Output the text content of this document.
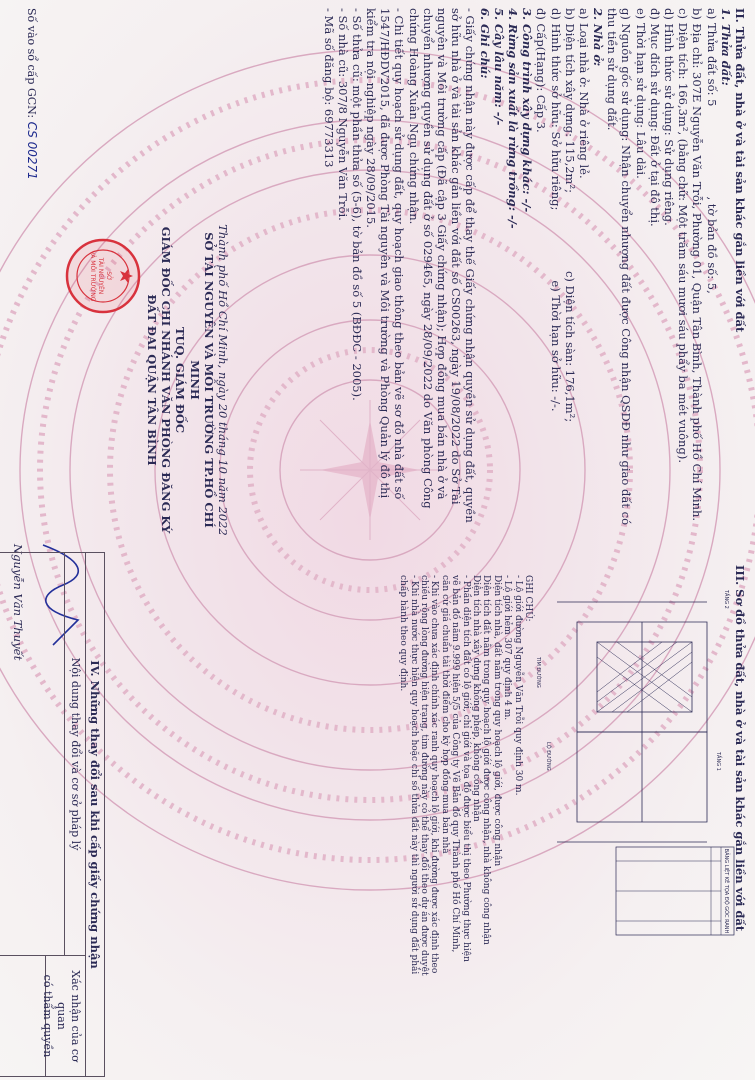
II. Thửa đất, nhà ở và tài sản khác gắn liền với đất
1. Thửa đất:
a) Thửa đất số: 5, tờ bản đồ số: 5,
b) Địa chỉ: 307E Nguyễn Văn Trỗi, Phường 01, Quận Tân Bình, Thành phố Hồ Chí Minh.
c) Diện tích: 166,3m², (bằng chữ: Một trăm sáu mươi sáu phẩy ba mét vuông).
d) Hình thức sử dụng: Sử dụng riêng.
đ) Mục đích sử dụng: Đất ở tại đô thị.
e) Thời hạn sử dụng: Lâu dài.
g) Nguồn gốc sử dụng: Nhận chuyển nhượng đất được Công nhận QSDĐ như giao đất có
thu tiền sử dụng đất.
2. Nhà ở:
a) Loại nhà ở: Nhà ở riêng lẻ.
b) Diện tích xây dựng: 115,2m²;c) Diện tích sàn: 176,1m²;
d) Hình thức sở hữu: Sở hữu riêng;e) Thời hạn sở hữu: -/-.
đ) Cấp(Hạng): Cấp 3.
3. Công trình xây dựng khác: -/-
4. Rừng sản xuất là rừng trồng: -/-
5. Cây lâu năm: -/-
6. Ghi chú:
- Giấy chứng nhận này được cấp để thay thế Giấy chứng nhận quyền sử dụng đất, quyền
sở hữu nhà ở và tài sản khác gắn liền với đất số CS00263, ngày 19/08/2022 do Sở Tài
nguyên và Môi trường cấp (Đã cập 3 Giấy chứng nhận); Hợp đồng mua bán nhà ở và
chuyển nhượng quyền sử dụng đất ở số 029465, ngày 28/09/2022 do Văn phòng Công
chứng Hoàng Xuân Ngụ chứng nhận.
- Chi tiết quy hoạch sử dụng đất, quy hoạch giao thông theo bản vẽ sơ đồ nhà đất số
1547/HĐDV2015, đã được Phòng Tài nguyên và Môi trường và Phòng Quản lý đô thị
kiểm tra nội nghiệp ngày 28/09/2015.
- Số thửa cũ: một phần thửa số (5-6), tờ bản đồ số 5 (BĐĐC - 2005).
- Số nhà cũ: 307/8 Nguyễn Văn Trỗi.
- Mã số đăng bộ: 69773313
Thành phố Hồ Chí Minh, ngày 20 tháng 10 năm 2022
SỞ TÀI NGUYÊN VÀ MÔI TRƯỜNG TP.HỒ CHÍ MINH
TUQ. GIÁM ĐỐC
GIÁM ĐỐC CHI NHÁNH VĂN PHÒNG ĐĂNG KÝ ĐẤT ĐAI QUẬN TÂN BÌNH
SỞ
TÀI NGUYÊN
VÀ MÔI TRƯỜNG
Nguyễn Văn Thuyết
Số vào sổ cấp GCN: CS 00271
III. Sơ đồ thửa đất, nhà ở và tài sản khác gắn liền với đất
TẦNG 2
LỘ ĐƯỜNG
TIM ĐƯỜNG
TẦNG 1
BẢNG LIỆT KÊ TỌA ĐỘ GÓC RANH
GHI CHÚ:
- Lộ giới đường Nguyễn Văn Trỗi quy định 30 m.
- Lộ giới hẻm 307 quy định 4 m.
Diện tích nhà, đất nằm trong quy hoạch lộ giới, được công nhận
Diện tích đất nằm trong quy hoạch lộ giới được công nhận, nhà không công nhận
Diện tích nhà xây dựng không phép, không công nhận
- Phần diện tích đất có lộ giới, chỉ giới và tọa độ được biểu thị theo Phường thực hiện
vẽ bản đồ năm 9.999 hiện 5/5 của Công ty Vẽ Bản đồ quy Thành phố Hồ Chí Minh,
căn cứ giá chuẩn tài thời điểm cho kỳ hợp đồng mua bán nhà
- Khi vào chưa xác định chính xác ranh quy hoạch lộ giới, khi đường được xác định theo
chiều rộng lòng đường hiện trạng, tim đường này có thể thay đổi theo dự án được duyệt
- Khi nhà nước thực hiện quy hoạch hoặc chỉ số thửa đất này thì người sử dụng đất phải
chấp hành theo quy định.
IV. Những thay đổi sau khi cấp giấy chứng nhận
Nội dung thay đổi và cơ sở pháp lý
Xác nhận của cơ quan
có thẩm quyền
